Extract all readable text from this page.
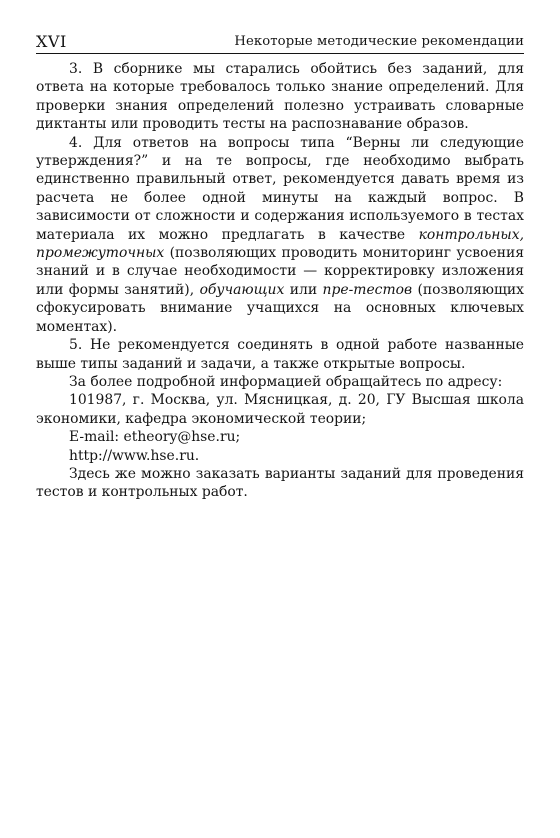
XVI	Некоторые методические рекомендации

3. В сборнике мы старались обойтись без заданий, для ответа на которые требовалось только знание определений. Для проверки знания определений полезно устраивать словарные диктанты или проводить тесты на распознавание образов.

4. Для ответов на вопросы типа “Верны ли следующие утверждения?” и на те вопросы, где необходимо выбрать единственно правильный ответ, рекомендуется давать время из расчета не более одной минуты на каждый вопрос. В зависимости от сложности и содержания используемого в тестах материала их можно предлагать в качестве контрольных, промежуточных (позволяющих проводить мониторинг усвоения знаний и в случае необходимости — корректировку изложения или формы занятий), обучающих или пре-тестов (позволяющих сфокусировать внимание учащихся на основных ключевых моментах).

5. Не рекомендуется соединять в одной работе названные выше типы заданий и задачи, а также открытые вопросы.

За более подробной информацией обращайтесь по адресу:

101987, г. Москва, ул. Мясницкая, д. 20, ГУ Высшая школа экономики, кафедра экономической теории;

E-mail: etheory@hse.ru;

http://www.hse.ru.

Здесь же можно заказать варианты заданий для проведения тестов и контрольных работ.
